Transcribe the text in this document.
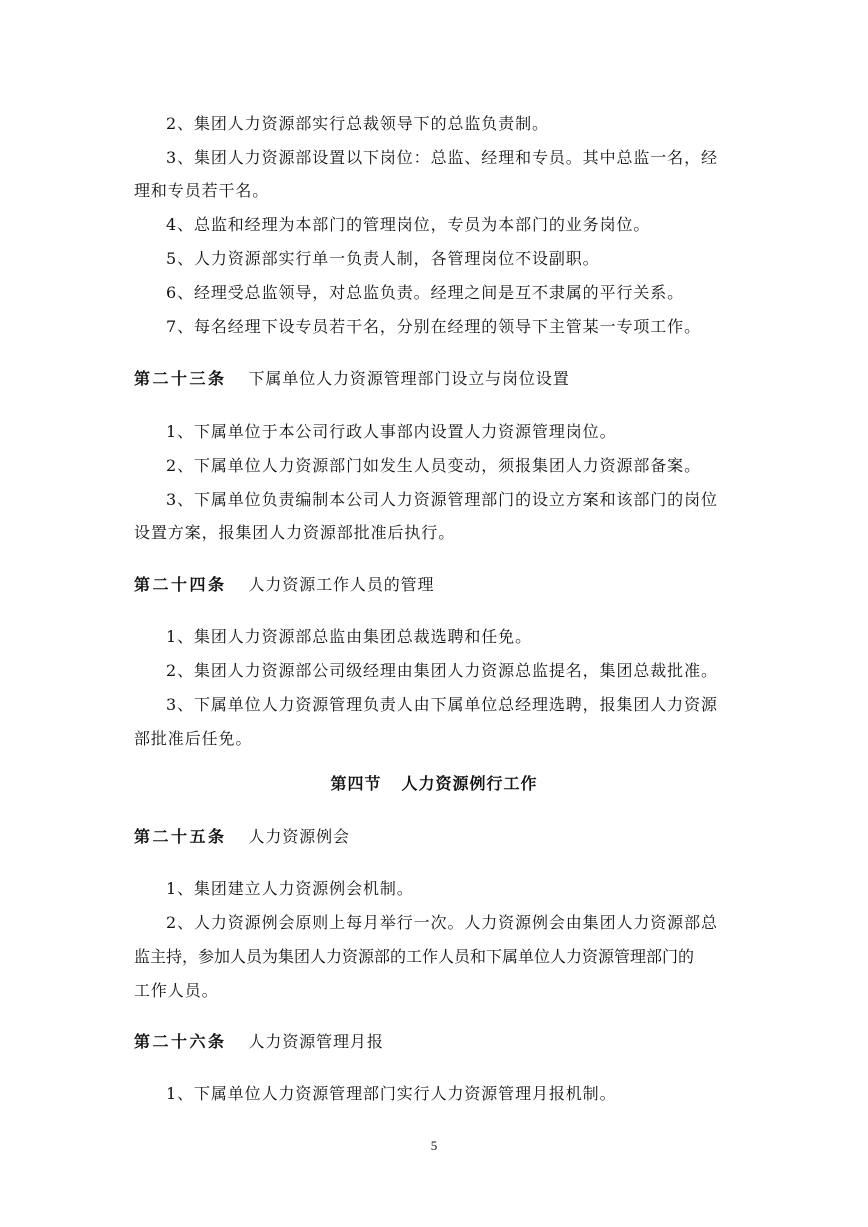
2、集团人力资源部实行总裁领导下的总监负责制。
3、集团人力资源部设置以下岗位：总监、经理和专员。其中总监一名，经
理和专员若干名。
4、总监和经理为本部门的管理岗位，专员为本部门的业务岗位。
5、人力资源部实行单一负责人制，各管理岗位不设副职。
6、经理受总监领导，对总监负责。经理之间是互不隶属的平行关系。
7、每名经理下设专员若干名，分别在经理的领导下主管某一专项工作。
第二十三条 下属单位人力资源管理部门设立与岗位设置
1、下属单位于本公司行政人事部内设置人力资源管理岗位。
2、下属单位人力资源部门如发生人员变动，须报集团人力资源部备案。
3、下属单位负责编制本公司人力资源管理部门的设立方案和该部门的岗位
设置方案，报集团人力资源部批准后执行。
第二十四条 人力资源工作人员的管理
1、集团人力资源部总监由集团总裁选聘和任免。
2、集团人力资源部公司级经理由集团人力资源总监提名，集团总裁批准。
3、下属单位人力资源管理负责人由下属单位总经理选聘，报集团人力资源
部批准后任免。
第四节 人力资源例行工作
第二十五条 人力资源例会
1、集团建立人力资源例会机制。
2、人力资源例会原则上每月举行一次。人力资源例会由集团人力资源部总
监主持，参加人员为集团人力资源部的工作人员和下属单位人力资源管理部门的
工作人员。
第二十六条 人力资源管理月报
1、下属单位人力资源管理部门实行人力资源管理月报机制。
5
